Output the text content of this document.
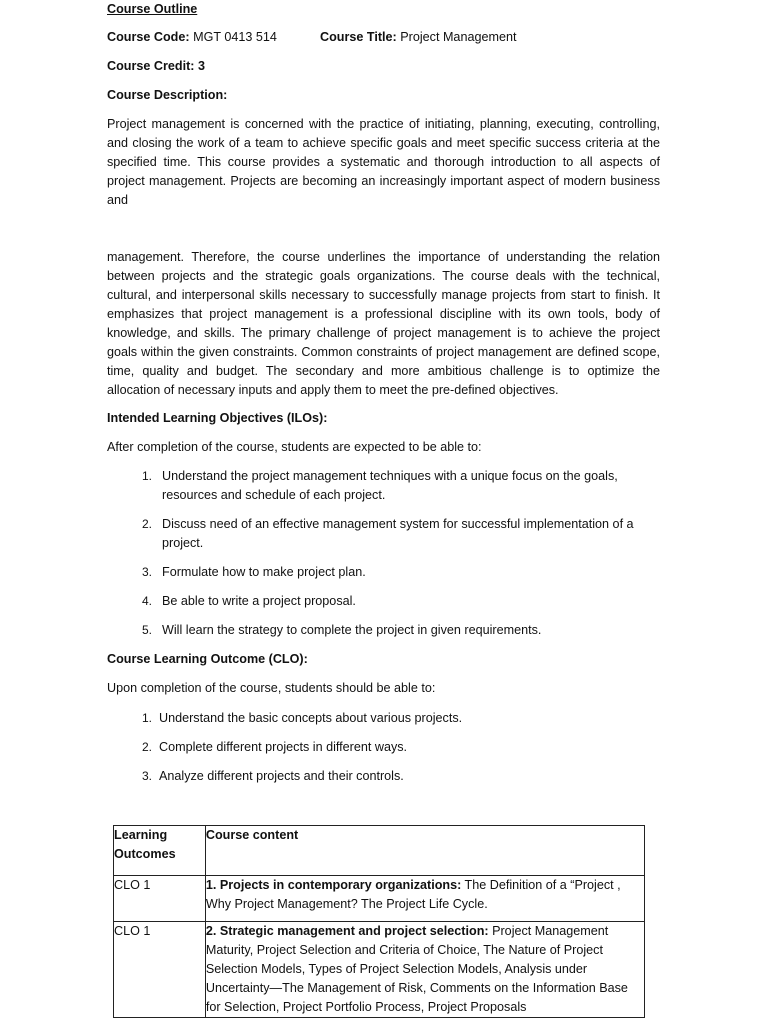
Course Outline
Course Code: MGT 0413 514	Course Title: Project Management
Course Credit: 3
Course Description:
Project management is concerned with the practice of initiating, planning, executing, controlling,
and closing the work of a team to achieve specific goals and meet specific success criteria at the
specified time. This course provides a systematic and thorough introduction to all aspects of
project management. Projects are becoming an increasingly important aspect of modern business
and
management. Therefore, the course underlines the importance of understanding the relation
between projects and the strategic goals organizations. The course deals with the technical,
cultural, and interpersonal skills necessary to successfully manage projects from start to finish. It
emphasizes that project management is a professional discipline with its own tools, body of
knowledge, and skills. The primary challenge of project management is to achieve the project
goals within the given constraints. Common constraints of project management are defined scope,
time, quality and budget. The secondary and more ambitious challenge is to optimize the
allocation of necessary inputs and apply them to meet the pre-defined objectives.
Intended Learning Objectives (ILOs):
After completion of the course, students are expected to be able to:
1. Understand the project management techniques with a unique focus on the goals,
resources and schedule of each project.
2. Discuss need of an effective management system for successful implementation of a
project.
3. Formulate how to make project plan.
4. Be able to write a project proposal.
5. Will learn the strategy to complete the project in given requirements.
Course Learning Outcome (CLO):
Upon completion of the course, students should be able to:
1. Understand the basic concepts about various projects.
2. Complete different projects in different ways.
3. Analyze different projects and their controls.
Learning Outcomes	Course content
CLO 1	1. Projects in contemporary organizations: The Definition of a “Project , Why Project Management? The Project Life Cycle.
CLO 1	2. Strategic management and project selection: Project Management Maturity, Project Selection and Criteria of Choice, The Nature of Project Selection Models, Types of Project Selection Models, Analysis under Uncertainty—The Management of Risk, Comments on the Information Base for Selection, Project Portfolio Process, Project Proposals
